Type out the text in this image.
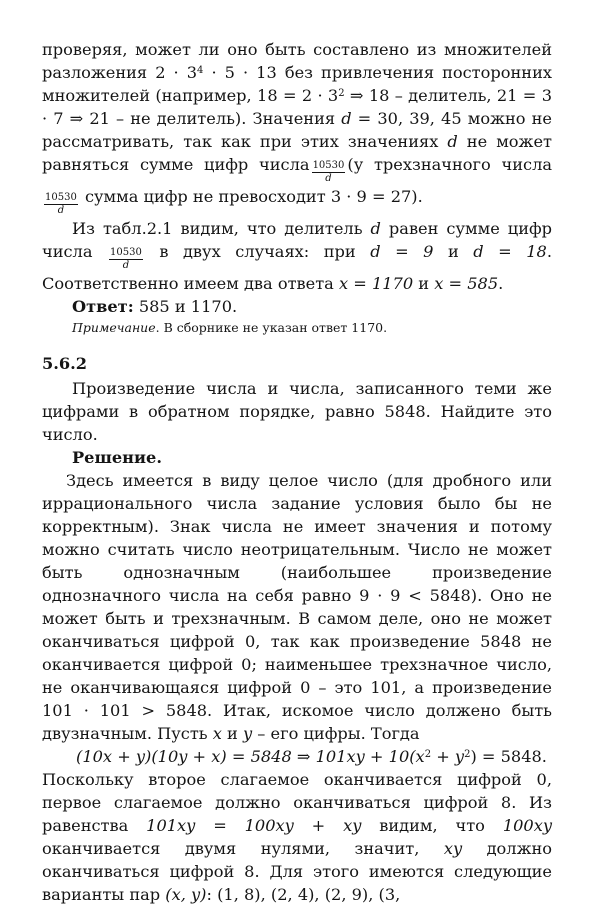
проверяя, может ли оно быть составлено из множителей разложения $2 \cdot 3^4 \cdot 5 \cdot 13$ без привлечения посторонних множителей (например, $18 = 2 \cdot 3^2$ ⇒ 18 – делитель, 21 = 3 · 7 ⇒ 21 – не делитель). Значения d = 30, 39, 45 можно не рассматривать, так как при этих значениях d не может равняться сумме цифр числа $\frac{10530}{d} (у$ трехзначного числа
$\frac{10530}{d}$ сумма цифр не превосходит 3 · 9 = 27).

Из табл.2.1 видим, что делитель d равен сумме цифр числа $\frac{10530}{d}$ в двух случаях: при d = 9 и d = 18. Соответственно имеем два ответа x = 1170 и x = 585.

Ответ: 585 и 1170.
Примечание. В сборнике не указан ответ 1170.
5.6.2

Произведение числа и числа, записанного теми же цифрами в обратном порядке, равно 5848. Найдите это число.

Решение.

Здесь имеется в виду целое число (для дробного или иррационального числа задание условия было бы не корректным). Знак числа не имеет значения и потому можно считать число неотрицательным. Число не может быть однозначным (наибольшее произведение однозначного числа на себя равно 9 · 9 < 5848). Оно не может быть и трехзначным. В самом деле, оно не может оканчиваться цифрой 0, так как произведение 5848 не оканчивается цифрой 0; наименьшее трехзначное число, не оканчивающаяся цифрой 0 – это 101, а произведение 101 · 101 > 5848. Итак, искомое число должено быть двузначным. Пусть x и y – его цифры. Тогда

(10x + y)(10y + x) = 5848 ⇒ $101xy + 10(x^2 + y^2) = 5848$.

Поскольку второе слагаемое оканчивается цифрой 0, первое слагаемое должно оканчиваться цифрой 8. Из равенства 101xy = 100xy + xy видим, что 100xy оканчивается двумя нулями, значит, xy должно оканчиваться цифрой 8. Для этого имеются следующие варианты пар (x, y): (1, 8), (2, 4), (2, 9), (3,
